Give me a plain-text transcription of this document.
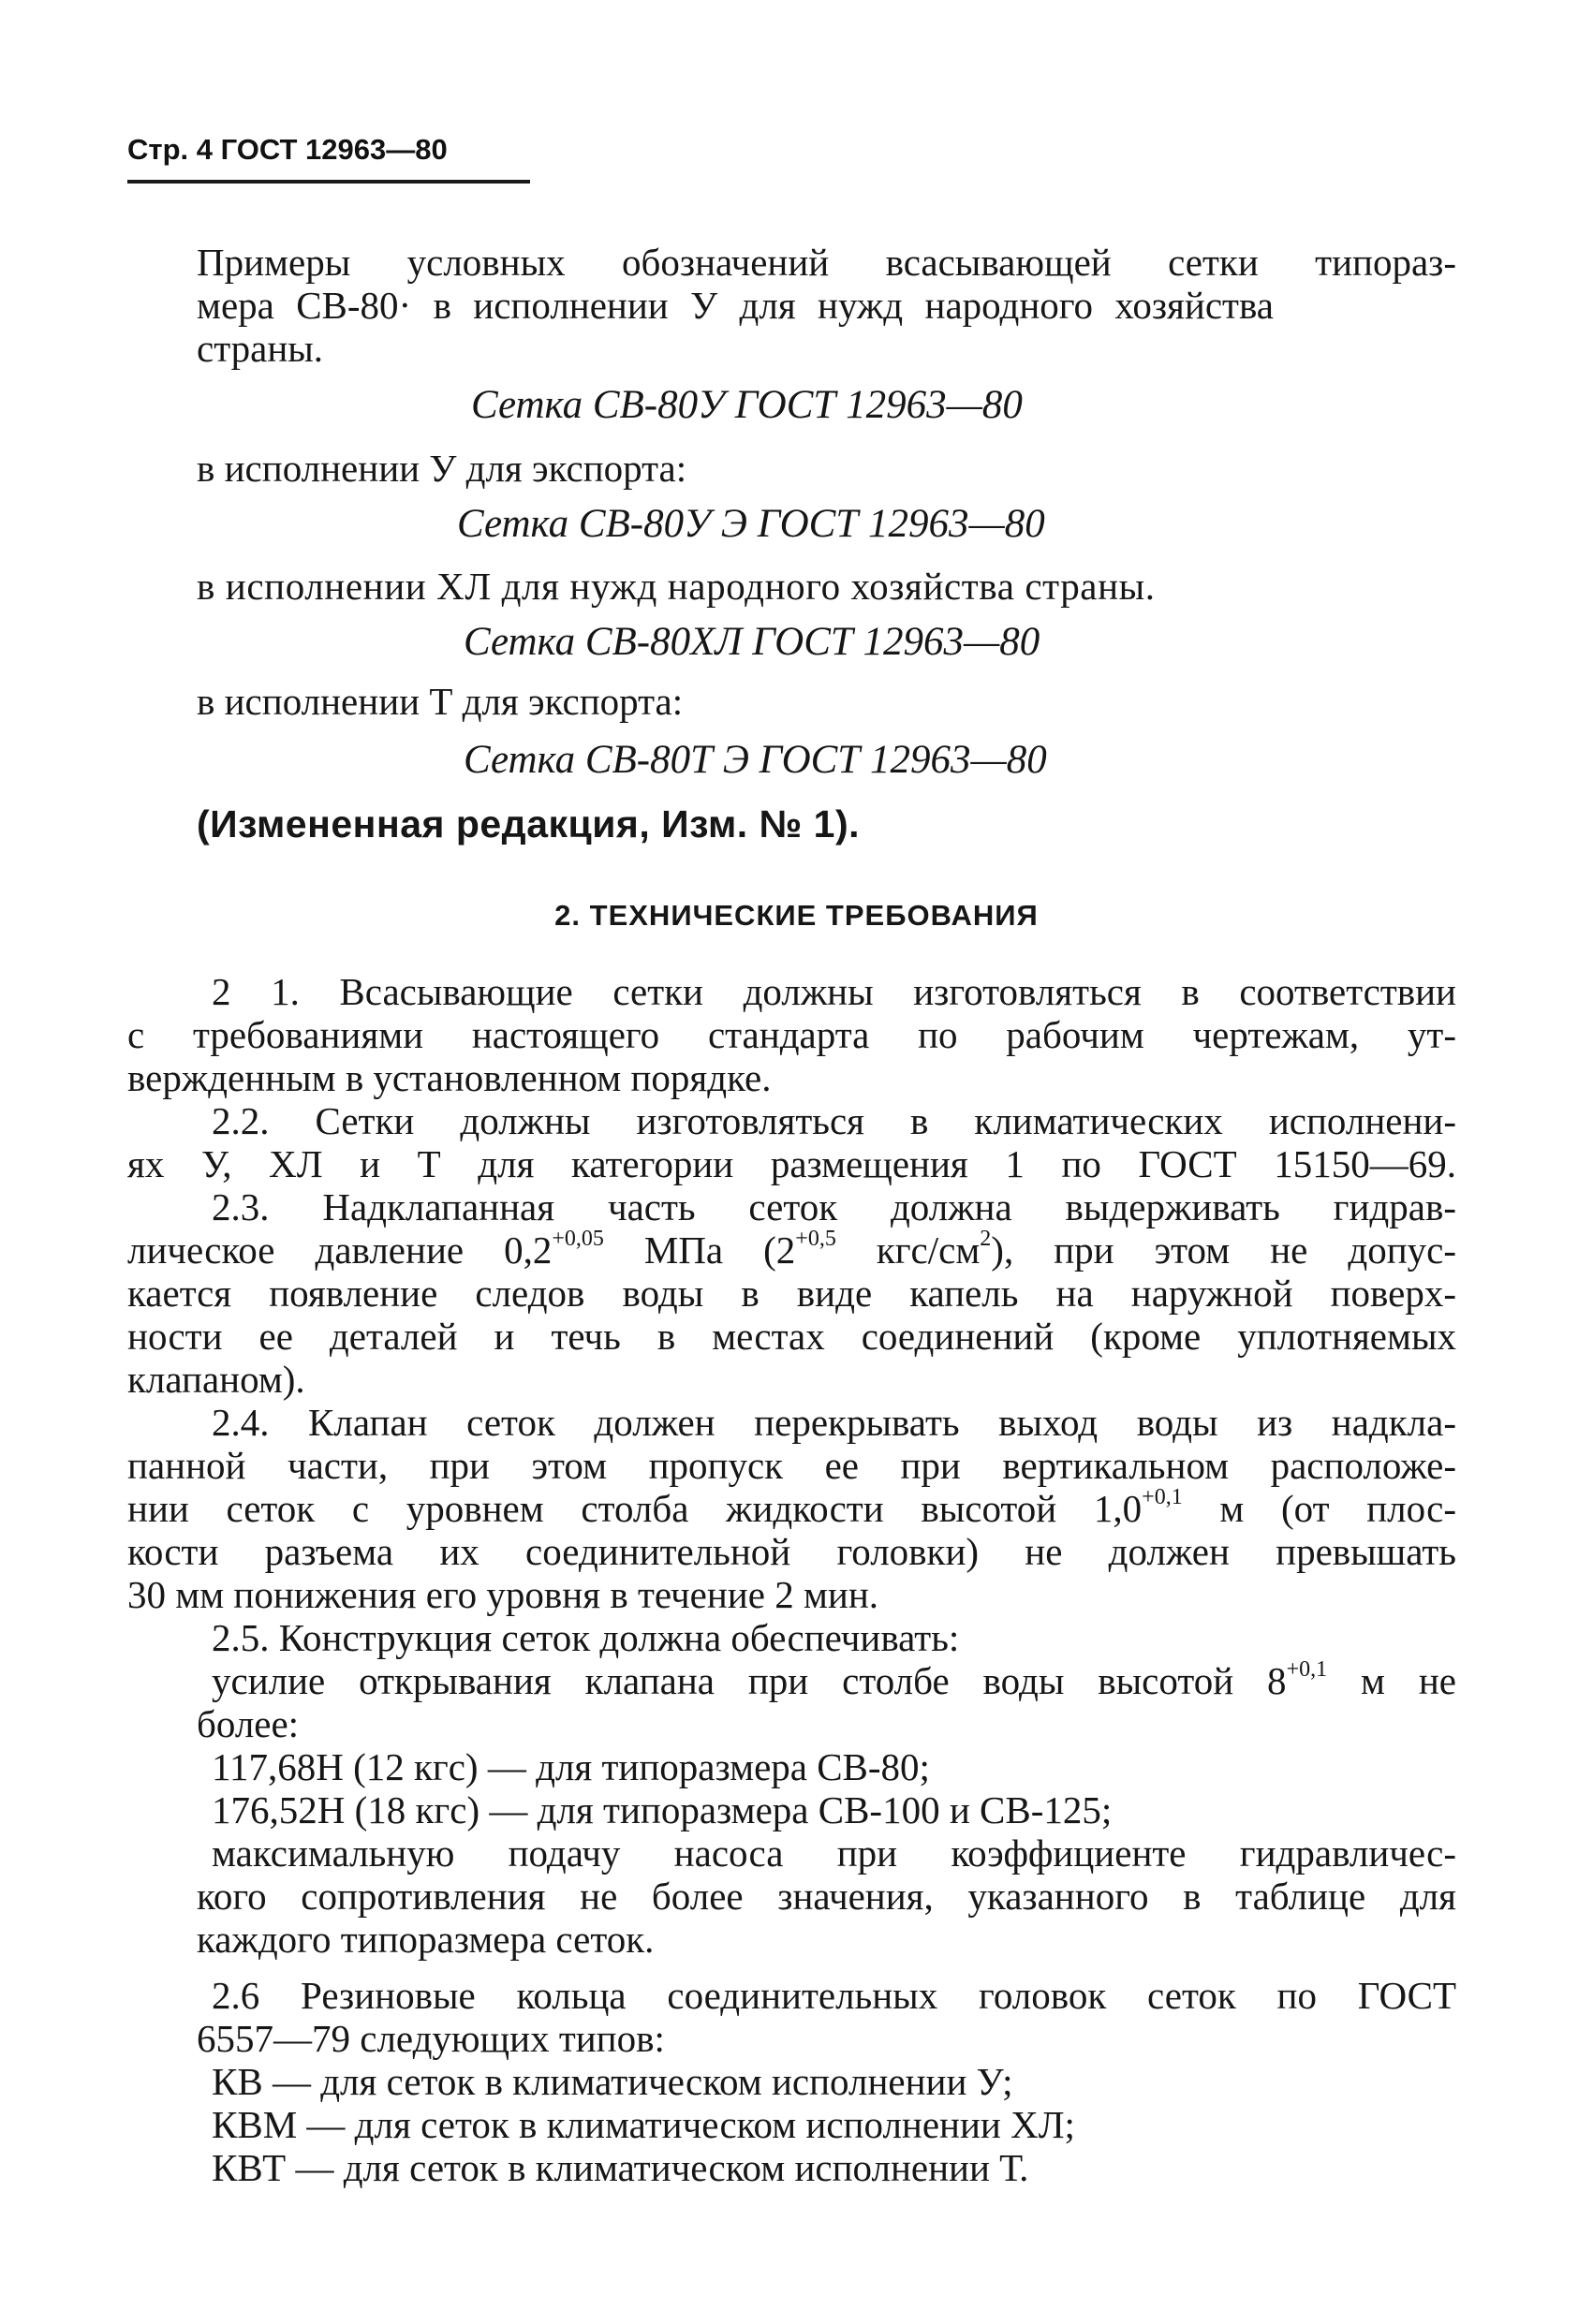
Стр. 4 ГОСТ 12963—80
Примеры условных обозначений всасывающей сетки типораз-
мера СВ-80· в исполнении У для нужд народного хозяйства
страны.
Сетка СВ-80У ГОСТ 12963—80
в исполнении У для экспорта:
Сетка СВ-80У Э ГОСТ 12963—80
в исполнении ХЛ для нужд народного хозяйства страны.
Сетка СВ-80ХЛ ГОСТ 12963—80
в исполнении Т для экспорта:
Сетка СВ-80Т Э ГОСТ 12963—80
(Измененная редакция, Изм. № 1).
2. ТЕХНИЧЕСКИЕ ТРЕБОВАНИЯ
2 1. Всасывающие сетки должны изготовляться в соответствии
с требованиями настоящего стандарта по рабочим чертежам, ут-
вержденным в установленном порядке.
2.2. Сетки должны изготовляться в климатических исполнени-
ях У, ХЛ и Т для категории размещения 1 по ГОСТ 15150—69.
2.3. Надклапанная часть сеток должна выдерживать гидрав-
лическое давление $0,2^{+0,05}$ МПа ($2^{+0,5}$ кгс/$см^2$), при этом не допус-
кается появление следов воды в виде капель на наружной поверх-
ности ее деталей и течь в местах соединений (кроме уплотняемых
клапаном).
2.4. Клапан сеток должен перекрывать выход воды из надкла-
панной части, при этом пропуск ее при вертикальном расположе-
нии сеток с уровнем столба жидкости высотой $1,0^{+0,1}$ м (от плос-
кости разъема их соединительной головки) не должен превышать
30 мм понижения его уровня в течение 2 мин.
2.5. Конструкция сеток должна обеспечивать:
усилие открывания клапана при столбе воды высотой $8^{+0,1}$ м не
более:
117,68Н (12 кгс) — для типоразмера СВ-80;
176,52Н (18 кгс) — для типоразмера СВ-100 и СВ-125;
максимальную подачу насоса при коэффициенте гидравличес-
кого сопротивления не более значения, указанного в таблице для
каждого типоразмера сеток.
2.6 Резиновые кольца соединительных головок сеток по ГОСТ
6557—79 следующих типов:
КВ — для сеток в климатическом исполнении У;
КВМ — для сеток в климатическом исполнении ХЛ;
КВТ — для сеток в климатическом исполнении Т.
